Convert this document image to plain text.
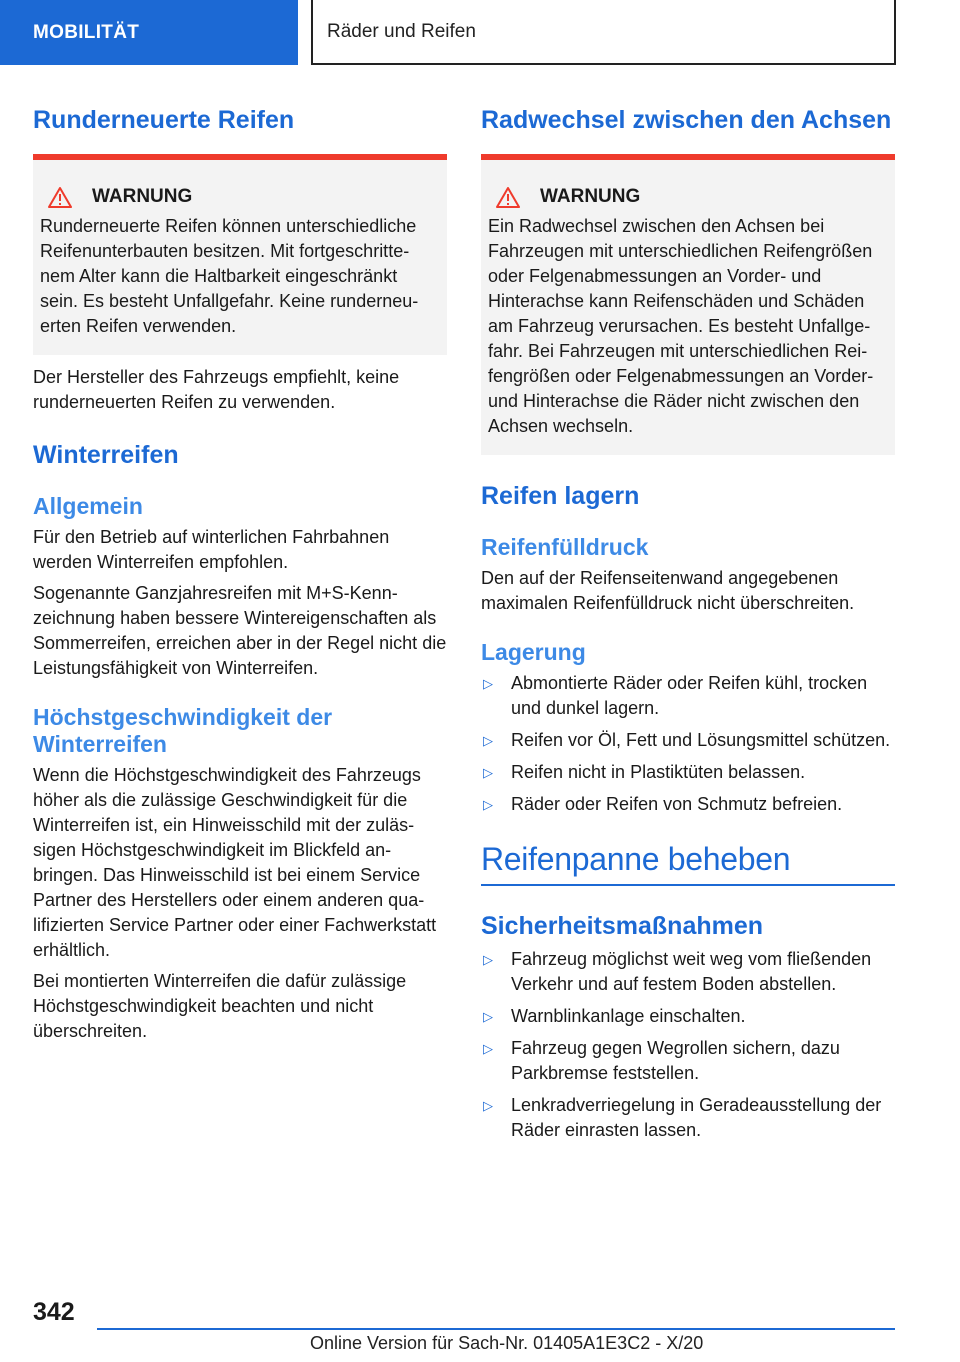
MOBILITÄT	Räder und Reifen
Runderneuerte Reifen
WARNUNG

Runderneuerte Reifen können unterschiedliche Reifenunterbauten besitzen. Mit fortgeschrittenem Alter kann die Haltbarkeit eingeschränkt sein. Es besteht Unfallgefahr. Keine runderneuerten Reifen verwenden.

Der Hersteller des Fahrzeugs empfiehlt, keine runderneuerten Reifen zu verwenden.

Winterreifen
Allgemein

Für den Betrieb auf winterlichen Fahrbahnen werden Winterreifen empfohlen.

Sogenannte Ganzjahresreifen mit M+S-Kennzeichnung haben bessere Wintereigenschaften als Sommerreifen, erreichen aber in der Regel nicht die Leistungsfähigkeit von Winterreifen.

Höchstgeschwindigkeit der Winterreifen

Wenn die Höchstgeschwindigkeit des Fahrzeugs höher als die zulässige Geschwindigkeit für die Winterreifen ist, ein Hinweisschild mit der zulässigen Höchstgeschwindigkeit im Blickfeld anbringen. Das Hinweisschild ist bei einem Service Partner des Herstellers oder einem anderen qualifizierten Service Partner oder einer Fachwerkstatt erhältlich.

Bei montierten Winterreifen die dafür zulässige Höchstgeschwindigkeit beachten und nicht überschreiten.

Radwechsel zwischen den Achsen
WARNUNG

Ein Radwechsel zwischen den Achsen bei Fahrzeugen mit unterschiedlichen Reifengrößen oder Felgenabmessungen an Vorder- und Hinterachse kann Reifenschäden und Schäden am Fahrzeug verursachen. Es besteht Unfallgefahr. Bei Fahrzeugen mit unterschiedlichen Reifengrößen oder Felgenabmessungen an Vorder- und Hinterachse die Räder nicht zwischen den Achsen wechseln.

Reifen lagern
Reifenfülldruck

Den auf der Reifenseitenwand angegebenen maximalen Reifenfülldruck nicht überschreiten.

Lagerung
▷	Abmontierte Räder oder Reifen kühl, trocken und dunkel lagern.
▷	Reifen vor Öl, Fett und Lösungsmittel schützen.
▷	Reifen nicht in Plastiktüten belassen.
▷	Räder oder Reifen von Schmutz befreien.
Reifenpanne beheben
Sicherheitsmaßnahmen
▷	Fahrzeug möglichst weit weg vom fließenden Verkehr und auf festem Boden abstellen.
▷	Warnblinkanlage einschalten.
▷	Fahrzeug gegen Wegrollen sichern, dazu Parkbremse feststellen.
▷	Lenkradverriegelung in Geradeausstellung der Räder einrasten lassen.
342
Online Version für Sach-Nr. 01405A1E3C2 - X/20
